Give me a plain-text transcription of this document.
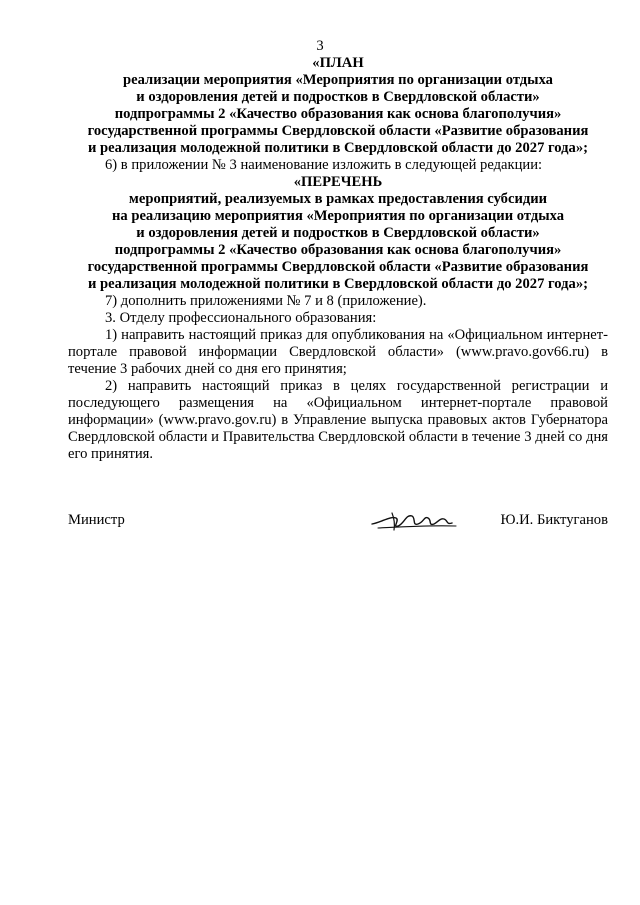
3
«ПЛАН
реализации мероприятия «Мероприятия по организации отдыха
и оздоровления детей и подростков в Свердловской области»
подпрограммы 2 «Качество образования как основа благополучия»
государственной программы Свердловской области «Развитие образования
и реализация молодежной политики в Свердловской области до 2027 года»;
6) в приложении № 3 наименование изложить в следующей редакции:
«ПЕРЕЧЕНЬ
мероприятий, реализуемых в рамках предоставления субсидии
на реализацию мероприятия «Мероприятия по организации отдыха
и оздоровления детей и подростков в Свердловской области»
подпрограммы 2 «Качество образования как основа благополучия»
государственной программы Свердловской области «Развитие образования
и реализация молодежной политики в Свердловской области до 2027 года»;
7) дополнить приложениями № 7 и 8 (приложение).
3. Отделу профессионального образования:
1) направить настоящий приказ для опубликования на «Официальном интернет-портале правовой информации Свердловской области» (www.pravo.gov66.ru) в течение 3 рабочих дней со дня его принятия;
2) направить настоящий приказ в целях государственной регистрации и последующего размещения на «Официальном интернет-портале правовой информации» (www.pravo.gov.ru) в Управление выпуска правовых актов Губернатора Свердловской области и Правительства Свердловской области в течение 3 дней со дня его принятия.
Министр	Ю.И. Биктуганов
